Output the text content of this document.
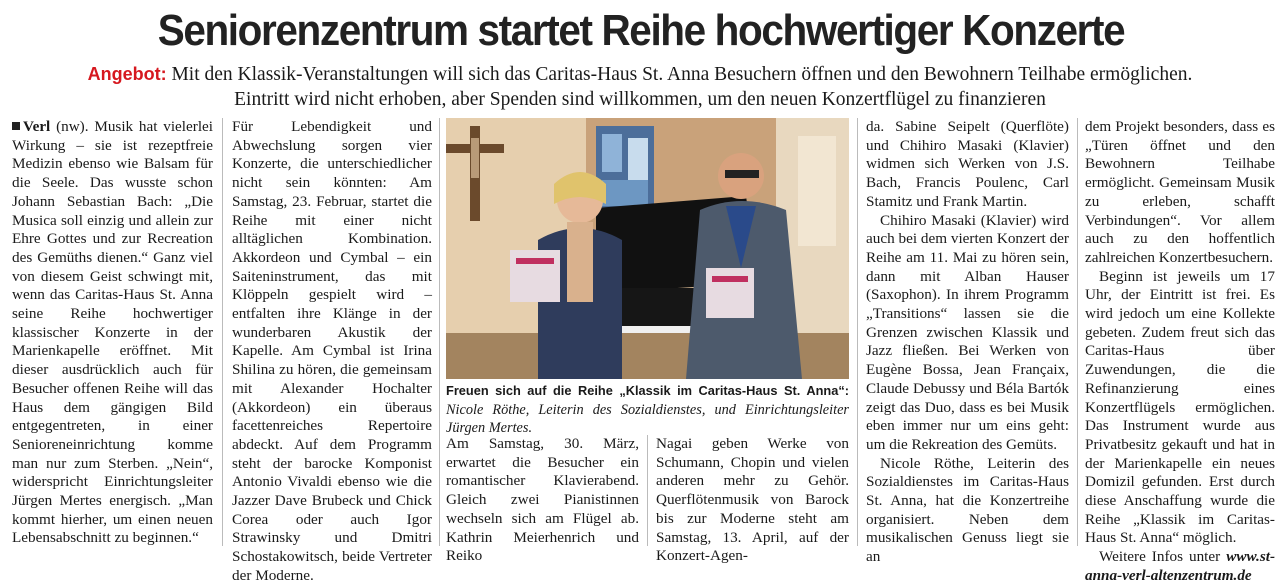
Seniorenzentrum startet Reihe hochwertiger Konzerte
Angebot: Mit den Klassik-Veranstaltungen will sich das Caritas-Haus St. Anna Besuchern öffnen und den Bewohnern Teilhabe ermöglichen. Eintritt wird nicht erhoben, aber Spenden sind willkommen, um den neuen Konzertflügel zu finanzieren

Verl (nw). Musik hat vielerlei Wirkung – sie ist rezeptfreie Medizin ebenso wie Balsam für die Seele. Das wusste schon Johann Sebastian Bach: „Die Musica soll einzig und allein zur Ehre Gottes und zur Recreation des Gemüths dienen.“ Ganz viel von diesem Geist schwingt mit, wenn das Caritas-Haus St. Anna seine Reihe hochwertiger klassischer Konzerte in der Marienkapelle eröffnet. Mit dieser ausdrücklich auch für Besucher offenen Reihe will das Haus dem gängigen Bild entgegentreten, in einer Senioreneinrichtung komme man nur zum Sterben. „Nein“, widerspricht Einrichtungsleiter Jürgen Mertes energisch. „Man kommt hierher, um einen neuen Lebensabschnitt zu beginnen.“

Für Lebendigkeit und Abwechslung sorgen vier Konzerte, die unterschiedlicher nicht sein könnten: Am Samstag, 23. Februar, startet die Reihe mit einer nicht alltäglichen Kombination. Akkordeon und Cymbal – ein Saiteninstrument, das mit Klöppeln gespielt wird – entfalten ihre Klänge in der wunderbaren Akustik der Kapelle. Am Cymbal ist Irina Shilina zu hören, die gemeinsam mit Alexander Hochalter (Akkordeon) ein überaus facettenreiches Repertoire abdeckt. Auf dem Programm steht der barocke Komponist Antonio Vivaldi ebenso wie die Jazzer Dave Brubeck und Chick Corea oder auch Igor Strawinsky und Dmitri Schostakowitsch, beide Vertreter der Moderne.

Freuen sich auf die Reihe „Klassik im Caritas-Haus St. Anna“: Nicole Röthe, Leiterin des Sozialdienstes, und Einrichtungsleiter Jürgen Mertes.

Am Samstag, 30. März, erwartet die Besucher ein romantischer Klavierabend. Gleich zwei Pianistinnen wechseln sich am Flügel ab. Kathrin Meierhenrich und Reiko

Nagai geben Werke von Schumann, Chopin und vielen anderen mehr zu Gehör. Querflötenmusik von Barock bis zur Moderne steht am Samstag, 13. April, auf der Konzert-Agen-

da. Sabine Seipelt (Querflöte) und Chihiro Masaki (Klavier) widmen sich Werken von J.S. Bach, Francis Poulenc, Carl Stamitz und Frank Martin.

Chihiro Masaki (Klavier) wird auch bei dem vierten Konzert der Reihe am 11. Mai zu hören sein, dann mit Alban Hauser (Saxophon). In ihrem Programm „Transitions“ lassen sie die Grenzen zwischen Klassik und Jazz fließen. Bei Werken von Eugène Bossa, Jean Françaix, Claude Debussy und Béla Bartók zeigt das Duo, dass es bei Musik eben immer nur um eins geht: um die Rekreation des Gemüts.

Nicole Röthe, Leiterin des Sozialdienstes im Caritas-Haus St. Anna, hat die Konzertreihe organisiert. Neben dem musikalischen Genuss liegt sie an

dem Projekt besonders, dass es „Türen öffnet und den Bewohnern Teilhabe ermöglicht. Gemeinsam Musik zu erleben, schafft Verbindungen“. Vor allem auch zu den hoffentlich zahlreichen Konzertbesuchern.

Beginn ist jeweils um 17 Uhr, der Eintritt ist frei. Es wird jedoch um eine Kollekte gebeten. Zudem freut sich das Caritas-Haus über Zuwendungen, die die Refinanzierung eines Konzertflügels ermöglichen. Das Instrument wurde aus Privatbesitz gekauft und hat in der Marienkapelle ein neues Domizil gefunden. Erst durch diese Anschaffung wurde die Reihe „Klassik im Caritas-Haus St. Anna“ möglich.

Weitere Infos unter www.st-anna-verl-altenzentrum.de
